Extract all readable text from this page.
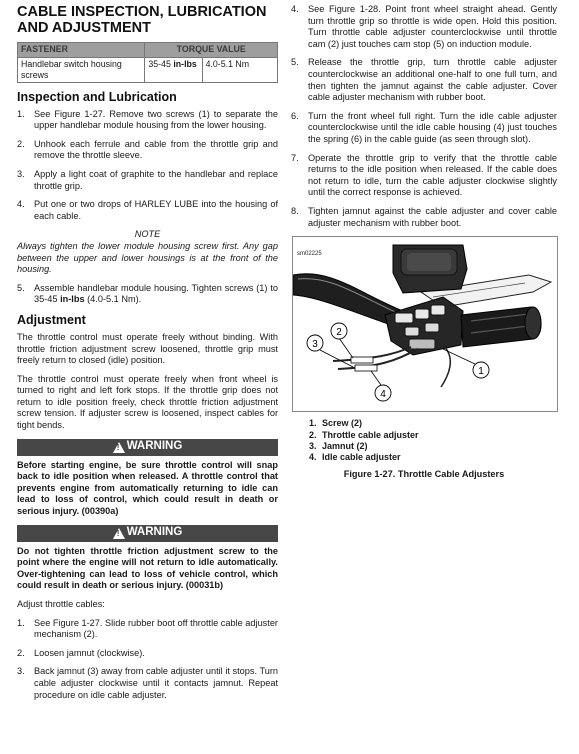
CABLE INSPECTION, LUBRICATION AND ADJUSTMENT
FASTENER	TORQUE VALUE	
Handlebar switch housing screws	35-45 in-lbs	4.0-5.1 Nm
Inspection and Lubrication
1. See Figure 1-27. Remove two screws (1) to separate the upper handlebar module housing from the lower housing.
2. Unhook each ferrule and cable from the throttle grip and remove the throttle sleeve.
3. Apply a light coat of graphite to the handlebar and replace throttle grip.
4. Put one or two drops of HARLEY LUBE into the housing of each cable.

NOTE

Always tighten the lower module housing screw first. Any gap between the upper and lower housings is at the front of the housing.

5. Assemble handlebar module housing. Tighten screws (1) to 35-45 in-lbs (4.0-5.1 Nm).
Adjustment

The throttle control must operate freely without binding. With throttle friction adjustment screw loosened, throttle grip must freely return to closed (idle) position.

The throttle control must operate freely when front wheel is turned to right and left fork stops. If the throttle grip does not return to idle position freely, check throttle friction adjustment screw tension. If adjuster screw is loosened, inspect cables for tight bends.

! WARNING

Before starting engine, be sure throttle control will snap back to idle position when released. A throttle control that prevents engine from automatically returning to idle can lead to loss of control, which could result in death or serious injury. (00390a)

! WARNING

Do not tighten throttle friction adjustment screw to the point where the engine will not return to idle automatically. Over-tightening can lead to loss of vehicle control, which could result in death or serious injury. (00031b)

Adjust throttle cables:

1. See Figure 1-27. Slide rubber boot off throttle cable adjuster mechanism (2).
2. Loosen jamnut (clockwise).
3. Back jamnut (3) away from cable adjuster until it stops. Turn cable adjuster clockwise until it contacts jamnut. Repeat procedure on idle cable adjuster.
4. See Figure 1-28. Point front wheel straight ahead. Gently turn throttle grip so throttle is wide open. Hold this position. Turn throttle cable adjuster counterclockwise until throttle cam (2) just touches cam stop (5) on induction module.
5. Release the throttle grip, turn throttle cable adjuster counterclockwise an additional one-half to one full turn, and then tighten the jamnut against the cable adjuster. Cover cable adjuster mechanism with rubber boot.
6. Turn the front wheel full right. Turn the idle cable adjuster counterclockwise until the idle cable housing (4) just touches the spring (6) in the cable guide (as seen through slot).
7. Operate the throttle grip to verify that the throttle cable returns to the idle position when released. If the cable does not return to idle, turn the cable adjuster clockwise slightly until the correct response is achieved.
8. Tighten jamnut against the cable adjuster and cover cable adjuster mechanism with rubber boot.
sm02225
1
2
3
4
1. Screw (2)
2. Throttle cable adjuster
3. Jamnut (2)
4. Idle cable adjuster

Figure 1-27. Throttle Cable Adjusters
